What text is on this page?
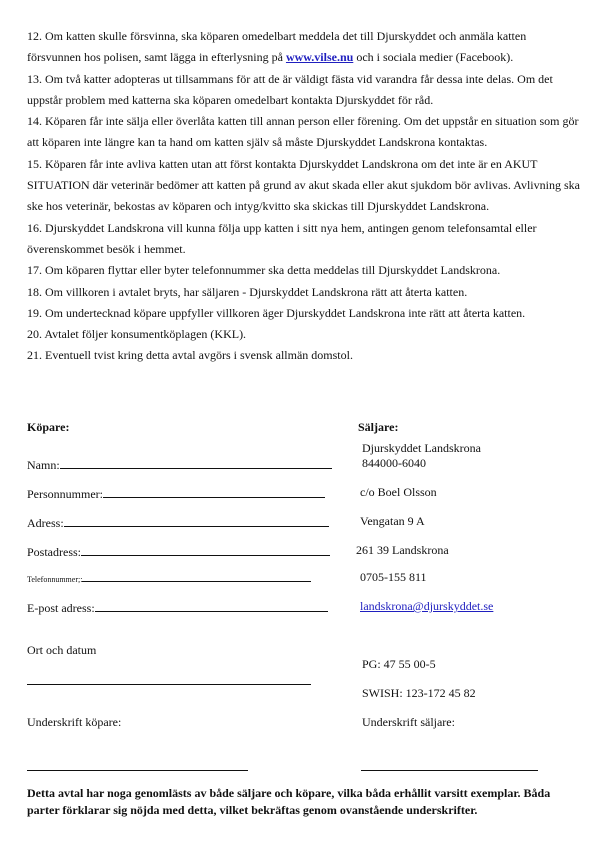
12. Om katten skulle försvinna, ska köparen omedelbart meddela det till Djurskyddet och anmäla katten försvunnen hos polisen, samt lägga in efterlysning på www.vilse.nu och i sociala medier (Facebook).

13. Om två katter adopteras ut tillsammans för att de är väldigt fästa vid varandra får dessa inte delas. Om det uppstår problem med katterna ska köparen omedelbart kontakta Djurskyddet för råd.

14. Köparen får inte sälja eller överlåta katten till annan person eller förening. Om det uppstår en situation som gör att köparen inte längre kan ta hand om katten själv så måste Djurskyddet Landskrona kontaktas.

15. Köparen får inte avliva katten utan att först kontakta Djurskyddet Landskrona om det inte är en AKUT SITUATION där veterinär bedömer att katten på grund av akut skada eller akut sjukdom bör avlivas. Avlivning ska ske hos veterinär, bekostas av köparen och intyg/kvitto ska skickas till Djurskyddet Landskrona.

16. Djurskyddet Landskrona vill kunna följa upp katten i sitt nya hem, antingen genom telefonsamtal eller överenskommet besök i hemmet.

17. Om köparen flyttar eller byter telefonnummer ska detta meddelas till Djurskyddet Landskrona.

18. Om villkoren i avtalet bryts, har säljaren - Djurskyddet Landskrona rätt att återta katten.

19. Om undertecknad köpare uppfyller villkoren äger Djurskyddet Landskrona inte rätt att återta katten.

20. Avtalet följer konsumentköplagen (KKL).

21. Eventuell tvist kring detta avtal avgörs i svensk allmän domstol.

Köpare:
Namn:
Personnummer:
Adress:
Postadress:
Telefonnummer;:
E-post adress:
Ort och datum
Underskrift köpare:
Säljare:
Djurskyddet Landskrona
844000-6040
c/o Boel Olsson
Vengatan 9 A
261 39 Landskrona
0705-155 811
landskrona@djurskyddet.se
PG: 47 55 00-5
SWISH: 123-172 45 82
Underskrift säljare:
Detta avtal har noga genomlästs av både säljare och köpare, vilka båda erhållit varsitt exemplar. Båda parter förklarar sig nöjda med detta, vilket bekräftas genom ovanstående underskrifter.
